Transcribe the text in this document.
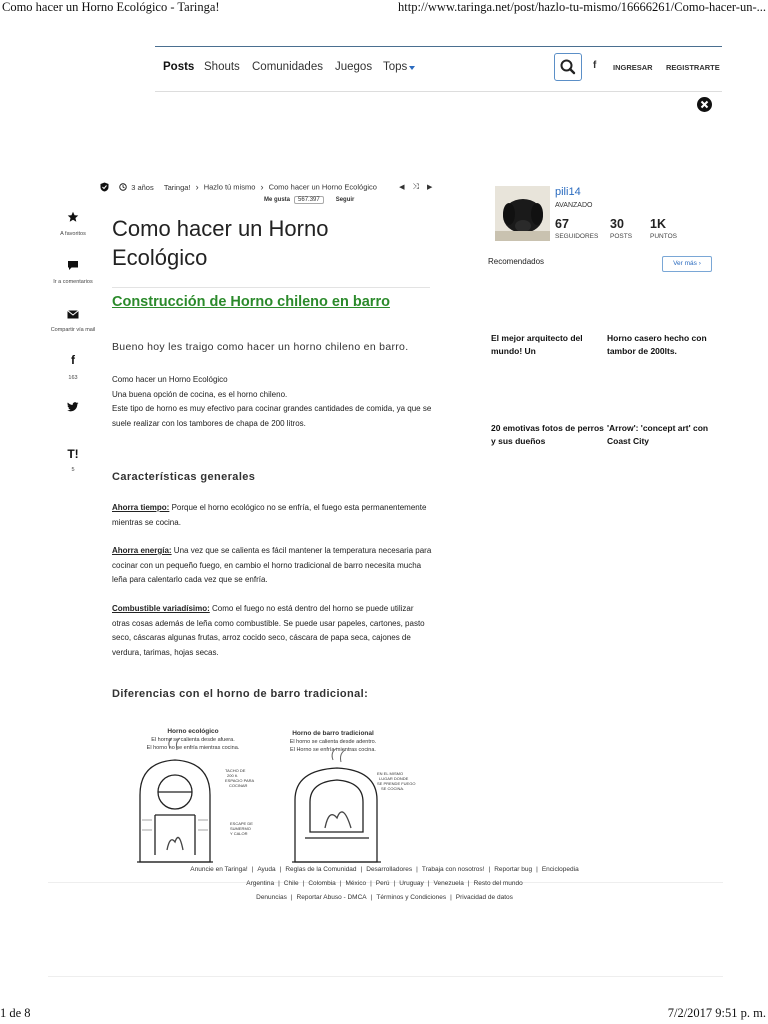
Como hacer un Horno Ecológico - Taringa!	http://www.taringa.net/post/hazlo-tu-mismo/16666261/Como-hacer-un-...
Posts Shouts Comunidades Juegos Tops	f INGRESAR REGISTRARTE
A favoritos
Ir a comentarios
Compartir vía mail
f
163
T!
5
3 años Taringa! › Hazlo tú mismo › Como hacer un Horno Ecológico	◀ ⤨ ▶
Me gusta 567.397	Seguir
Como hacer un Horno Ecológico
Construcción de Horno chileno en barro
Bueno hoy les traigo como hacer un horno chileno en barro.
Como hacer un Horno Ecológico
Una buena opción de cocina, es el horno chileno.
Este tipo de horno es muy efectivo para cocinar grandes cantidades de comida, ya que se suele realizar con los tambores de chapa de 200 litros.
Características generales
Ahorra tiempo: Porque el horno ecológico no se enfría, el fuego esta permanentemente mientras se cocina.
Ahorra energía: Una vez que se calienta es fácil mantener la temperatura necesaria para cocinar con un pequeño fuego, en cambio el horno tradicional de barro necesita mucha leña para calentarlo cada vez que se enfría.
Combustible variadísimo: Como el fuego no está dentro del horno se puede utilizar otras cosas además de leña como combustible. Se puede usar papeles, cartones, pasto seco, cáscaras algunas frutas, arroz cocido seco, cáscara de papa seca, cajones de verdura, tarimas, hojas secas.
Diferencias con el horno de barro tradicional:
Horno ecológico
El horno se calienta desde afuera.
El horno no se enfría mientras cocina.
Horno de barro tradicional
El horno se calienta desde adentro.
El Horno se enfría mientras cocina.
TACHO DE 200 lt. ESPACIO PARA COCINAR
ESCAPE DE SUMERMO Y CALOR
EN EL MISMO LUGAR DONDE SE PRENDE FUEGO SE COCINA.
pili14
AVANZADO
67
SEGUIDORES
30
POSTS
1K
PUNTOS
Recomendados	Ver más ›
El mejor arquitecto del mundo! Un
Horno casero hecho con tambor de 200lts.
20 emotivas fotos de perros y sus dueños
'Arrow': 'concept art' con Coast City
Anuncie en Taringa! | Ayuda | Reglas de la Comunidad | Desarrolladores | Trabaja con nosotros! | Reportar bug | Enciclopedia
Argentina | Chile | Colombia | México | Perú | Uruguay | Venezuela | Resto del mundo
Denuncias | Reportar Abuso - DMCA | Términos y Condiciones | Privacidad de datos
1 de 8	7/2/2017 9:51 p. m.
